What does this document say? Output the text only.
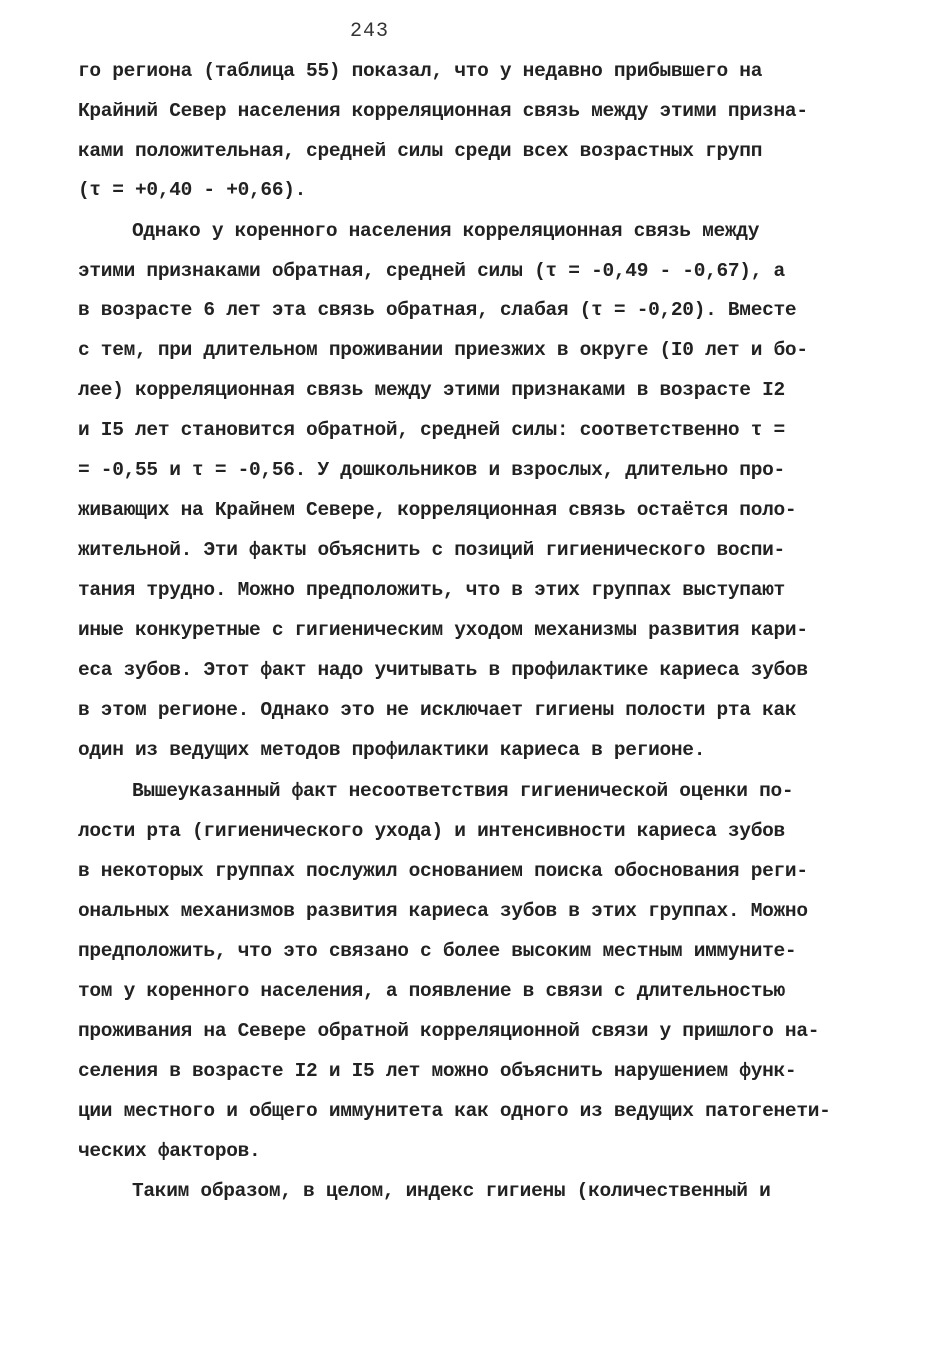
243
го региона (таблица 55) показал, что у недавно прибывшего на
Крайний Север населения корреляционная связь между этими призна-
ками положительная, средней силы среди всех возрастных групп
(τ = +0,40 - +0,66).
Однако у коренного населения корреляционная связь между
этими признаками обратная, средней силы (τ = -0,49 - -0,67), а
в возрасте 6 лет эта связь обратная, слабая (τ = -0,20). Вместе
с тем, при длительном проживании приезжих в округе (I0 лет и бо-
лее) корреляционная связь между этими признаками в возрасте I2
и I5 лет становится обратной, средней силы: соответственно τ =
= -0,55 и τ = -0,56. У дошкольников и взрослых, длительно про-
живающих на Крайнем Севере, корреляционная связь остаётся поло-
жительной. Эти факты объяснить с позиций гигиенического воспи-
тания трудно. Можно предположить, что в этих группах выступают
иные конкуретные с гигиеническим уходом механизмы развития кари-
еса зубов. Этот факт надо учитывать в профилактике кариеса зубов
в этом регионе. Однако это не исключает гигиены полости рта как
один из ведущих методов профилактики кариеса в регионе.
Вышеуказанный факт несоответствия гигиенической оценки по-
лости рта (гигиенического ухода) и интенсивности кариеса зубов
в некоторых группах послужил основанием поиска обоснования реги-
ональных механизмов развития кариеса зубов в этих группах. Можно
предположить, что это связано с более высоким местным иммуните-
том у коренного населения, а появление в связи с длительностью
проживания на Севере обратной корреляционной связи у пришлого на-
селения в возрасте I2 и I5 лет можно объяснить нарушением функ-
ции местного и общего иммунитета как одного из ведущих патогенети-
ческих факторов.
Таким образом, в целом, индекс гигиены (количественный и
